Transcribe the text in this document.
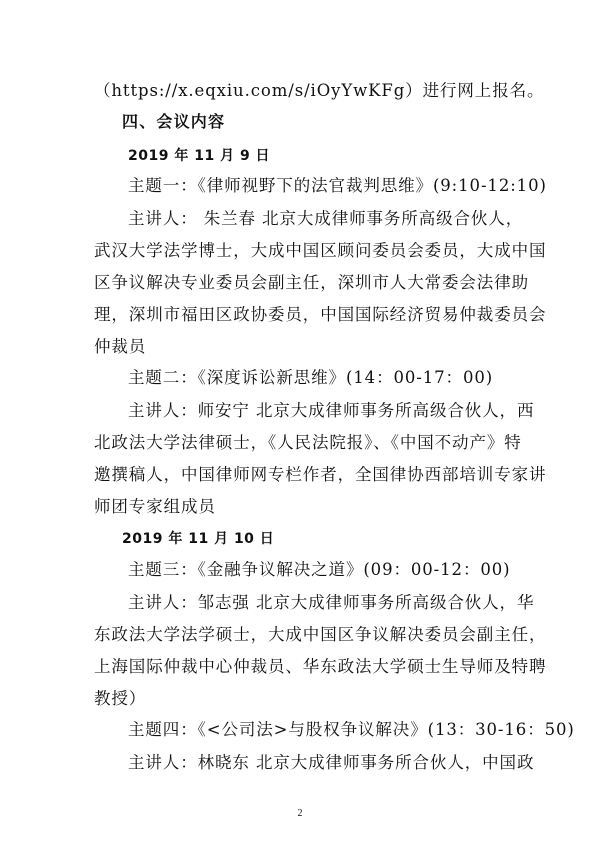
（https://x.eqxiu.com/s/iOyYwKFg）进行网上报名。
四、会议内容
2019 年 11 月 9 日
主题一：《律师视野下的法官裁判思维》(9:10-12:10)
主讲人： 朱兰春 北京大成律师事务所高级合伙人，
武汉大学法学博士，大成中国区顾问委员会委员，大成中国
区争议解决专业委员会副主任，深圳市人大常委会法律助
理，深圳市福田区政协委员，中国国际经济贸易仲裁委员会
仲裁员
主题二：《深度诉讼新思维》(14：00-17：00)
主讲人：师安宁 北京大成律师事务所高级合伙人，西
北政法大学法律硕士，《人民法院报》、《中国不动产》特
邀撰稿人，中国律师网专栏作者，全国律协西部培训专家讲
师团专家组成员
2019 年 11 月 10 日
主题三：《金融争议解决之道》(09：00-12：00)
主讲人：邹志强 北京大成律师事务所高级合伙人，华
东政法大学法学硕士，大成中国区争议解决委员会副主任，
上海国际仲裁中心仲裁员、华东政法大学硕士生导师及特聘
教授）
主题四：《<公司法>与股权争议解决》(13：30-16：50)
主讲人：林晓东 北京大成律师事务所合伙人，中国政
2
